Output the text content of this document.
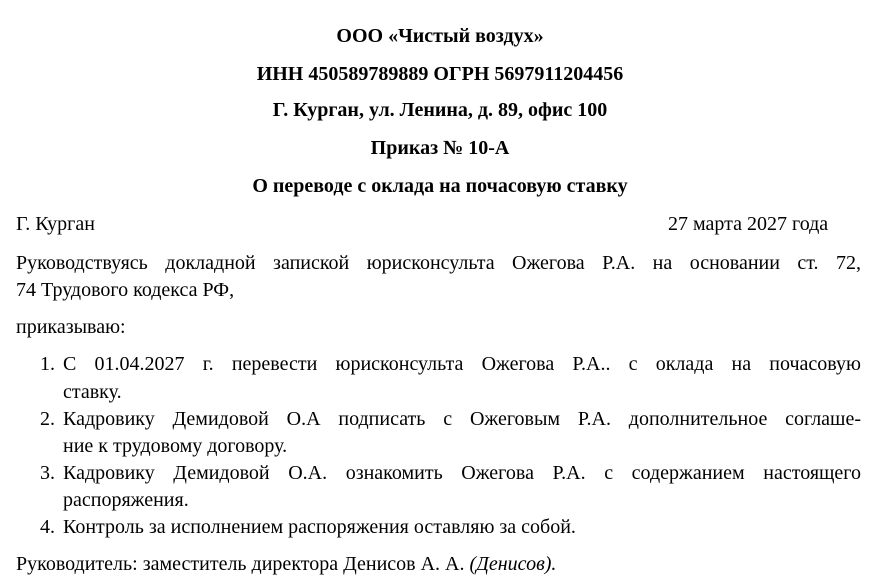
ООО «Чистый воздух»
ИНН 450589789889 ОГРН 5697911204456
Г. Курган, ул. Ленина, д. 89, офис 100
Приказ № 10-А
О переводе с оклада на почасовую ставку
Г. Курган	27 марта 2027 года
Руководствуясь докладной запиской юрисконсульта Ожегова Р.А. на основании ст. 72,
74 Трудового кодекса РФ,
приказываю:
1. С 01.04.2027 г. перевести юрисконсульта Ожегова Р.А.. с оклада на почасовую
ставку.
2. Кадровику Демидовой О.А подписать с Ожеговым Р.А. дополнительное соглаше-
ние к трудовому договору.
3. Кадровику Демидовой О.А. ознакомить Ожегова Р.А. с содержанием настоящего
распоряжения.
4. Контроль за исполнением распоряжения оставляю за собой.
Руководитель: заместитель директора Денисов А. А. (Денисов).
